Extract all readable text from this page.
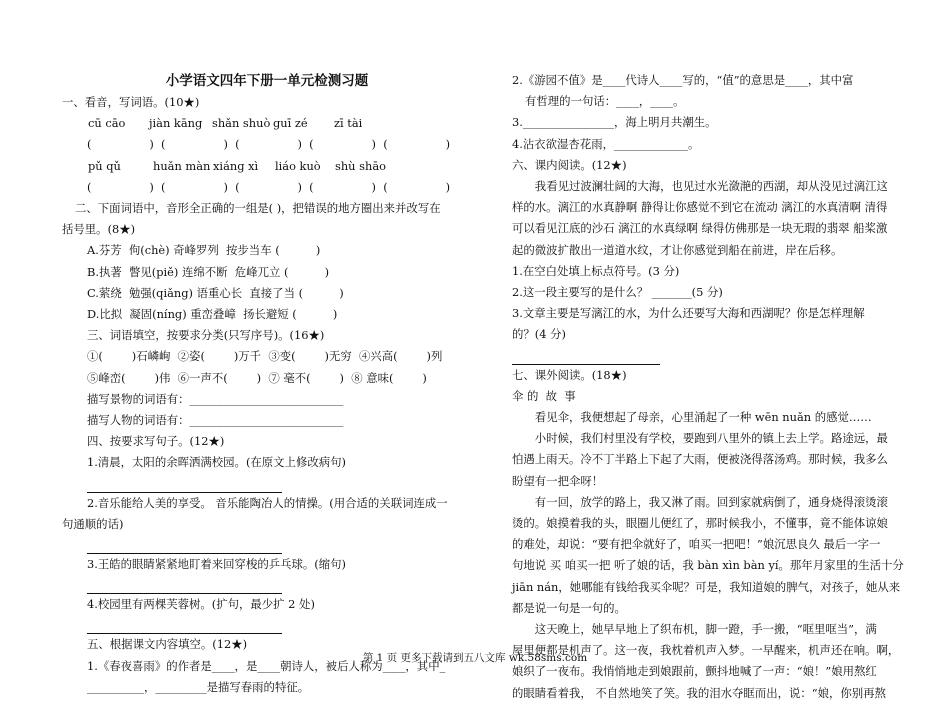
小学语文四年下册一单元检测习题
一、看音，写词语。(10★)
cū cāo	jiàn kāng shǎn shuò guī zé	zī tài
(                )  (                )  (                )  (                )  (                )
pǔ qǔ	huǎn màn xiáng xì	liáo kuò	shù shāo
(                )  (                )  (                )  (                )  (                )
二、下面词语中，音形全正确的一组是( )，把错误的地方圈出来并改写在
括号里。(8★)
A.芬芳  佝(chè) 奇峰罗列  按步当车 (          )
B.执著  瞥见(piě) 连绵不断  危峰兀立 (          )
C.萦绕  勉强(qiǎng) 语重心长  直接了当 (          )
D.比拟  凝固(níng) 重峦叠嶂  扬长避短 (          )
三、词语填空，按要求分类(只写序号)。(16★)
①(        )石嶙峋  ②姿(        )万千  ③变(        )无穷  ④兴高(        )列
⑤峰峦(        )伟  ⑥一声不(        )  ⑦ 毫不(        )  ⑧ 意味(        )
描写景物的词语有：___________________________
描写人物的词语有：___________________________
四、按要求写句子。(12★)
1.清晨，太阳的余晖洒满校园。(在原文上修改病句)
2.音乐能给人美的享受。 音乐能陶冶人的情操。(用合适的关联词连成一
句通顺的话)
3.王皓的眼睛紧紧地盯着来回穿梭的乒乓球。(缩句)
4.校园里有两棵芙蓉树。(扩句，最少扩 2 处)
五、根据课文内容填空。(12★)
1.《春夜喜雨》的作者是____，是____朝诗人，被后人称为____，其中_
__________，_________是描写春雨的特征。
2.《游园不值》是____代诗人____写的，“值”的意思是____，其中富
有哲理的一句话：____，____。
3.________________，海上明月共潮生。
4.沾衣欲湿杏花雨，_____________。
六、课内阅读。(12★)
我看见过波澜壮阔的大海，也见过水光潋滟的西湖，却从没见过漓江这
样的水。漓江的水真静啊 静得让你感觉不到它在流动 漓江的水真清啊 清得
可以看见江底的沙石 漓江的水真绿啊 绿得仿佛那是一块无瑕的翡翠 船桨激
起的微波扩散出一道道水纹，才让你感觉到船在前进，岸在后移。
1.在空白处填上标点符号。(3 分)
2.这一段主要写的是什么？ _______(5 分)
3.文章主要是写漓江的水，为什么还要写大海和西湖呢？你是怎样理解
的？(4 分)
七、课外阅读。(18★)
伞 的  故  事
看见伞，我便想起了母亲，心里涌起了一种 wēn nuǎn 的感觉……
小时候，我们村里没有学校，要跑到八里外的镇上去上学。路途远，最
怕遇上雨天。冷不丁半路上下起了大雨，便被浇得落汤鸡。那时候，我多么
盼望有一把伞呀！
有一回，放学的路上，我又淋了雨。回到家就病倒了，通身烧得滚烫滚
烫的。娘摸着我的头，眼圈儿便红了，那时候我小，不懂事，竟不能体谅娘
的难处，却说：“要有把伞就好了，咱买一把吧！”娘沉思良久 最后一字一
句地说 买 咱买一把 听了娘的话，我 bàn xìn bàn yí。那年月家里的生活十分
jiān nán，她哪能有钱给我买伞呢？可是，我知道娘的脾气，对孩子，她从来
都是说一句是一句的。
这天晚上，她早早地上了织布机，脚一蹬，手一搬，“哐里哐当”，满
屋里便都是机声了。这一夜，我枕着机声入梦。一早醒来，机声还在响。啊，
娘织了一夜布。我悄悄地走到娘跟前，颤抖地喊了一声：“娘！”娘用熬红
的眼睛看着我， 不自然地笑了笑。我的泪水夺眶而出，说：“娘，你别再熬
第 1 页 更多下载请到五八文库 wk.58sms.com
